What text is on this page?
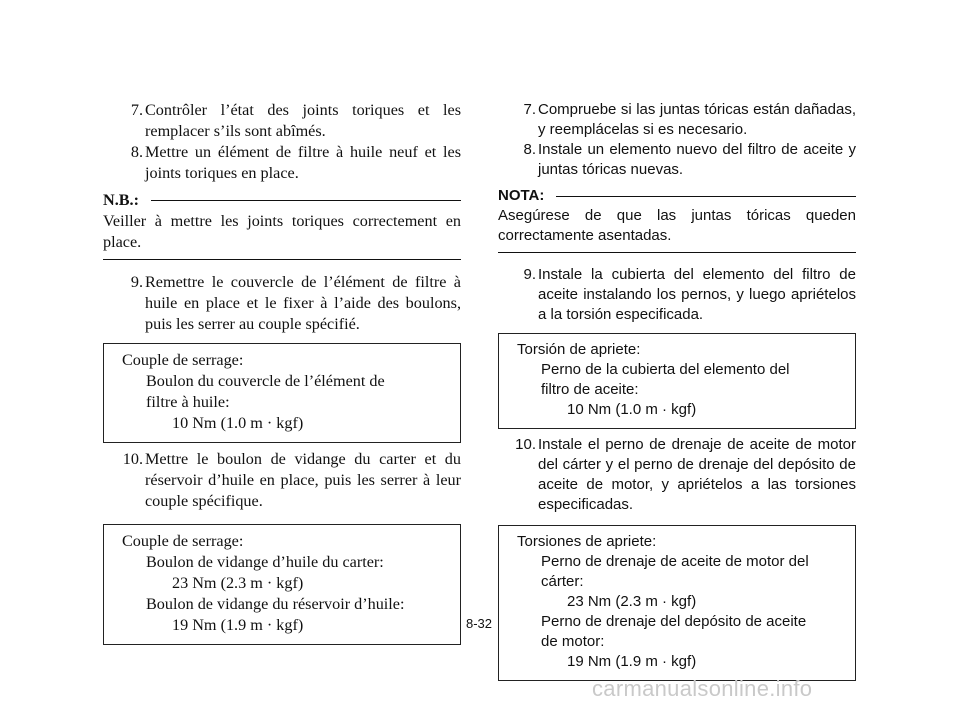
7. Contrôler l’état des joints toriques et les remplacer s’ils sont abîmés.
8. Mettre un élément de filtre à huile neuf et les joints toriques en place.
N.B.:
Veiller à mettre les joints toriques correctement en place.
9. Remettre le couvercle de l’élément de filtre à huile en place et le fixer à l’aide des boulons, puis les serrer au couple spécifié.
Couple de serrage:
Boulon du couvercle de l’élément de filtre à huile:
10 Nm (1.0 m · kgf)
10. Mettre le boulon de vidange du carter et du réservoir d’huile en place, puis les serrer à leur couple spécifique.
Couple de serrage:
Boulon de vidange d’huile du carter:
23 Nm (2.3 m · kgf)
Boulon de vidange du réservoir d’huile:
19 Nm (1.9 m · kgf)
7. Compruebe si las juntas tóricas están dañadas, y reemplácelas si es necesario.
8. Instale un elemento nuevo del filtro de aceite y juntas tóricas nuevas.
NOTA:
Asegúrese de que las juntas tóricas queden correctamente asentadas.
9. Instale la cubierta del elemento del filtro de aceite instalando los pernos, y luego apriételos a la torsión especificada.
Torsión de apriete:
Perno de la cubierta del elemento del filtro de aceite:
10 Nm (1.0 m · kgf)
10. Instale el perno de drenaje de aceite de motor del cárter y el perno de drenaje del depósito de aceite de motor, y apriételos a las torsiones especificadas.
Torsiones de apriete:
Perno de drenaje de aceite de motor del cárter:
23 Nm (2.3 m · kgf)
Perno de drenaje del depósito de aceite de motor:
19 Nm (1.9 m · kgf)
8-32
carmanualsonline.info
